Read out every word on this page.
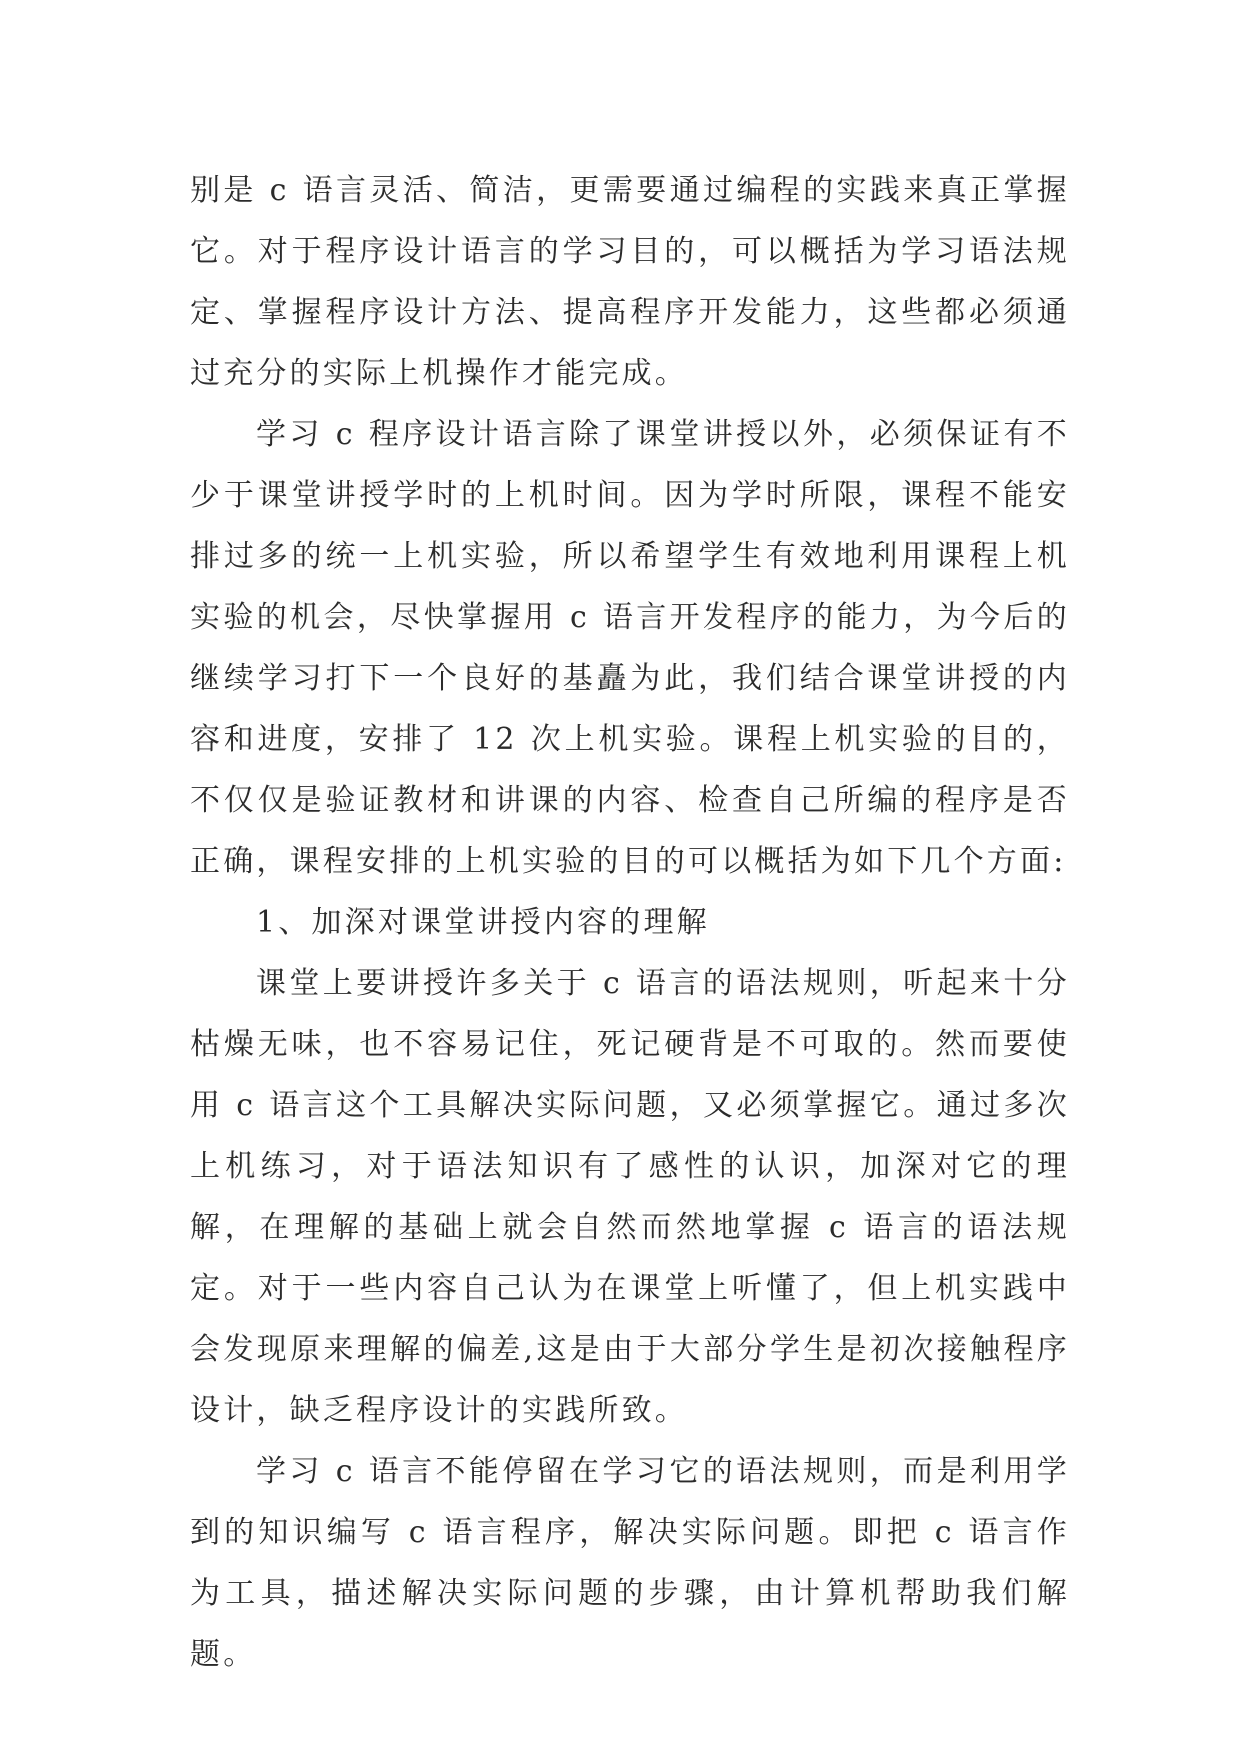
别是 c 语言灵活、简洁，更需要通过编程的实践来真正掌握它。对于程序设计语言的学习目的，可以概括为学习语法规定、掌握程序设计方法、提高程序开发能力，这些都必须通过充分的实际上机操作才能完成。

学习 c 程序设计语言除了课堂讲授以外，必须保证有不少于课堂讲授学时的上机时间。因为学时所限，课程不能安排过多的统一上机实验，所以希望学生有效地利用课程上机实验的机会，尽快掌握用 c 语言开发程序的能力，为今后的继续学习打下一个良好的基矗为此，我们结合课堂讲授的内容和进度，安排了 12 次上机实验。课程上机实验的目的，不仅仅是验证教材和讲课的内容、检查自己所编的程序是否正确，课程安排的上机实验的目的可以概括为如下几个方面:

1、加深对课堂讲授内容的理解

课堂上要讲授许多关于 c 语言的语法规则，听起来十分枯燥无味，也不容易记住，死记硬背是不可取的。然而要使用 c 语言这个工具解决实际问题，又必须掌握它。通过多次上机练习，对于语法知识有了感性的认识，加深对它的理解，在理解的基础上就会自然而然地掌握 c 语言的语法规定。对于一些内容自己认为在课堂上听懂了，但上机实践中会发现原来理解的偏差,这是由于大部分学生是初次接触程序设计，缺乏程序设计的实践所致。

学习 c 语言不能停留在学习它的语法规则，而是利用学到的知识编写 c 语言程序，解决实际问题。即把 c 语言作为工具，描述解决实际问题的步骤，由计算机帮助我们解题。
